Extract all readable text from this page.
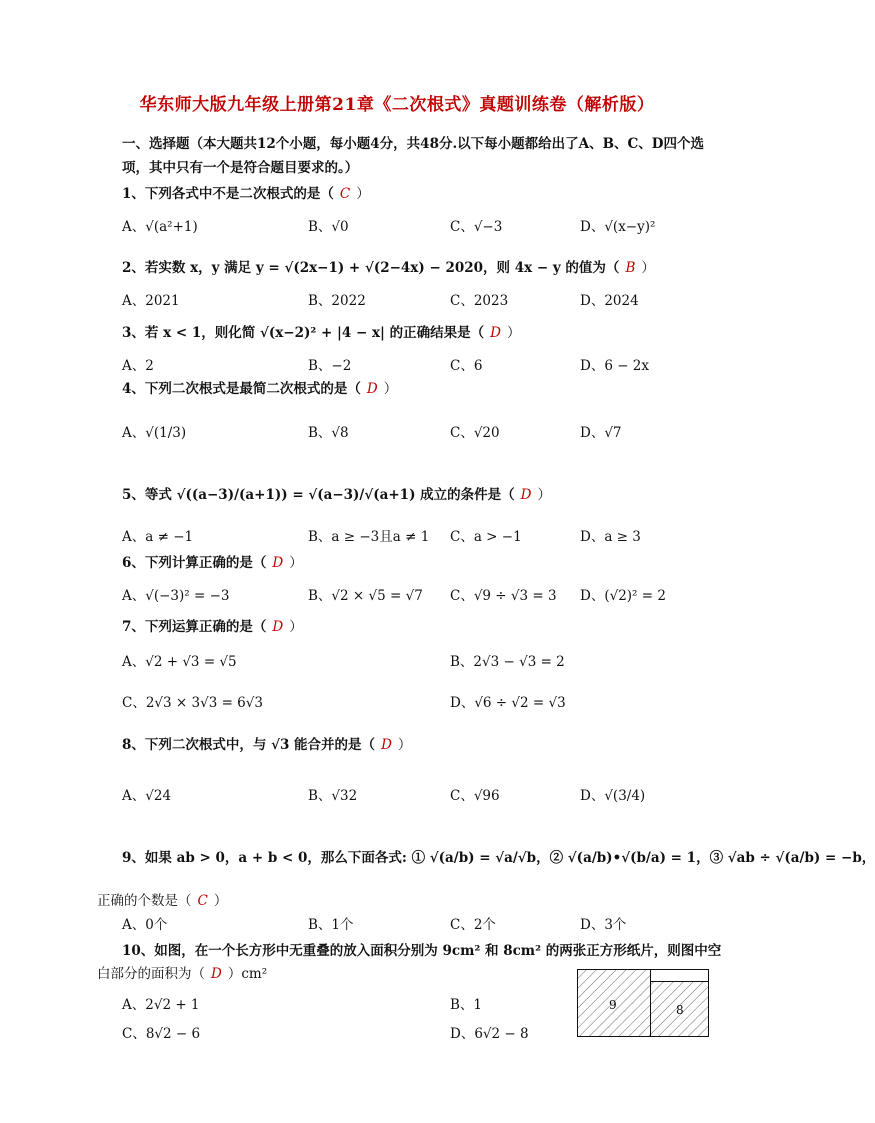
华东师大版九年级上册第21章《二次根式》真题训练卷（解析版）
一、选择题（本大题共12个小题，每小题4分，共48分.以下每小题都给出了A、B、C、D四个选项，其中只有一个是符合题目要求的。）
1、下列各式中不是二次根式的是（ C ）
A、√(a²+1)	B、√0	C、√−3	D、√(x−y)²
2、若实数 x，y 满足 y = √(2x−1) + √(2−4x) − 2020，则 4x − y 的值为（ B ）
A、2021	B、2022	C、2023	D、2024
3、若 x < 1，则化简 √(x−2)² + |4 − x| 的正确结果是（ D ）
A、2	B、−2	C、6	D、6 − 2x
4、下列二次根式是最简二次根式的是（ D ）
A、√(1/3)	B、√8	C、√20	D、√7
5、等式 √((a−3)/(a+1)) = √(a−3)/√(a+1) 成立的条件是（ D ）
A、a ≠ −1	B、a ≥ −3且a ≠ 1 C、a > −1	D、a ≥ 3
6、下列计算正确的是（ D ）
A、√(−3)² = −3	B、√2 × √5 = √7 C、√9 ÷ √3 = 3 D、(√2)² = 2
7、下列运算正确的是（ D ）
A、√2 + √3 = √5	B、2√3 − √3 = 2
C、2√3 × 3√3 = 6√3	D、√6 ÷ √2 = √3
8、下列二次根式中，与 √3 能合并的是（ D ）
A、√24	B、√32	C、√96	D、√(3/4)
9、如果 ab > 0，a + b < 0，那么下面各式: ① √(a/b) = √a/√b，② √(a/b)•√(b/a) = 1，③ √ab ÷ √(a/b) = −b，
正确的个数是（ C ）
A、0个	B、1个	C、2个	D、3个
10、如图，在一个长方形中无重叠的放入面积分别为 9cm² 和 8cm² 的两张正方形纸片，则图中空
白部分的面积为（ D ）cm²
A、2√2 + 1	B、1
C、8√2 − 6	D、6√2 − 8
9	8
